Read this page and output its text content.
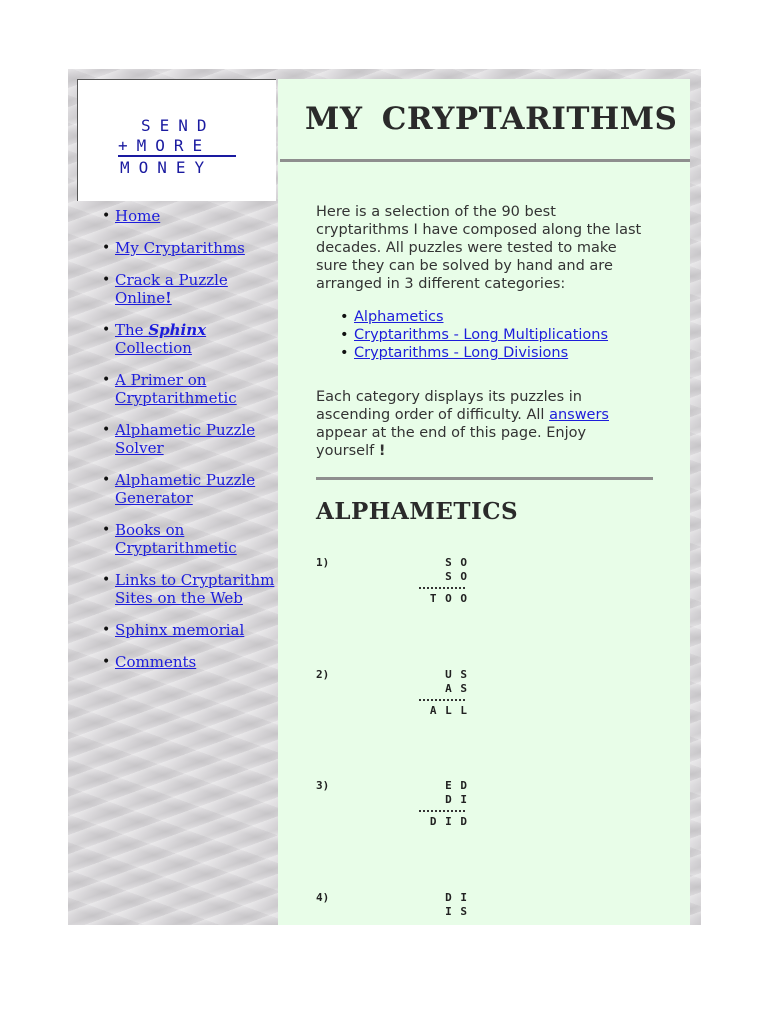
SEND
+MORE
MONEY
• Home
• My Cryptarithms
• Crack a Puzzle Online!
• The Sphinx Collection
• A Primer on Cryptarithmetic
• Alphametic Puzzle Solver
• Alphametic Puzzle Generator
• Books on Cryptarithmetic
• Links to Cryptarithm Sites on the Web
• Sphinx memorial
• Comments
MY CRYPTARITHMS
Here is a selection of the 90 best cryptarithms I have composed along the last decades. All puzzles were tested to make sure they can be solved by hand and are arranged in 3 different categories:
• Alphametics
• Cryptarithms - Long Multiplications
• Cryptarithms - Long Divisions
Each category displays its puzzles in ascending order of difficulty. All answers appear at the end of this page. Enjoy yourself !
ALPHAMETICS
1)	S O
S O
T O O
2)	U S
A S
A L L
3)	E D
D I
D I D
4)	D I
I S
